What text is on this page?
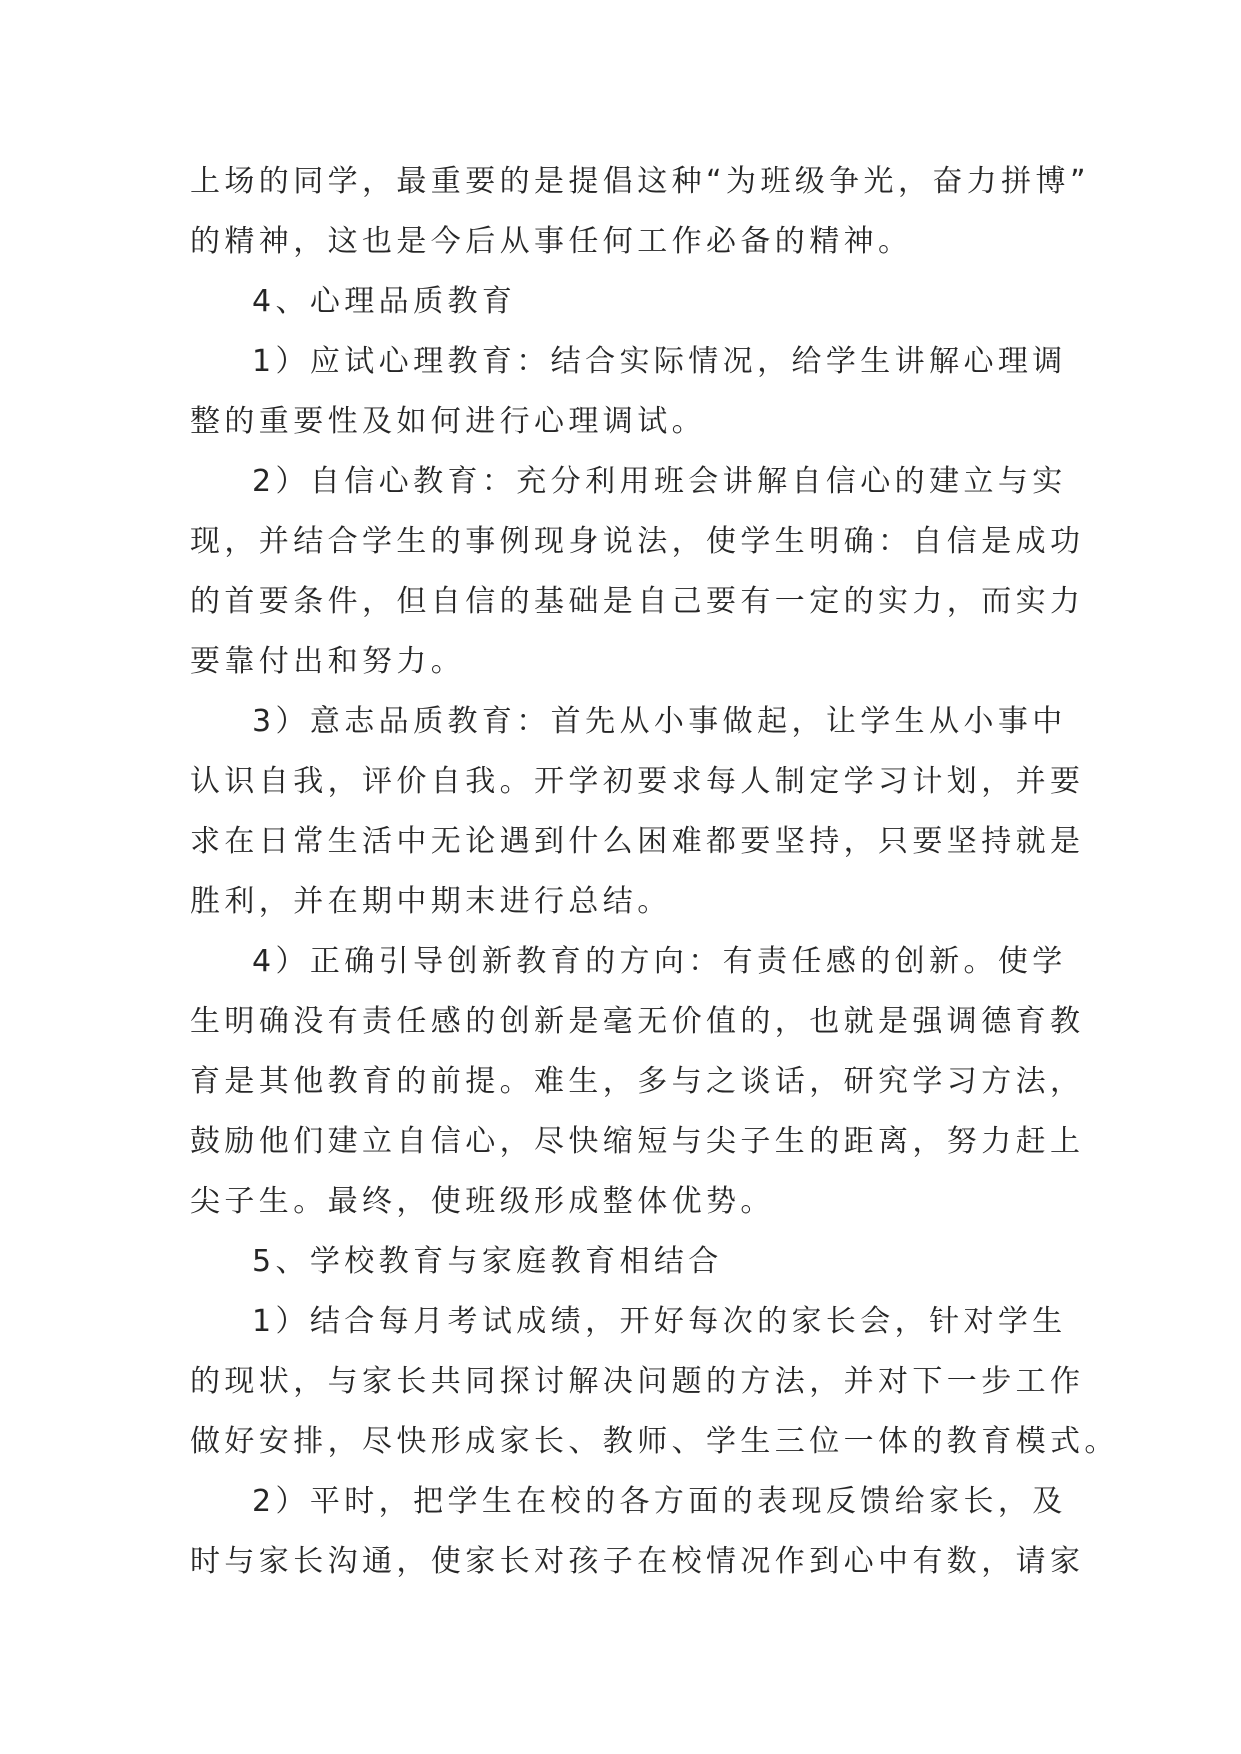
上场的同学，最重要的是提倡这种“为班级争光，奋力拼博”

的精神，这也是今后从事任何工作必备的精神。

4、心理品质教育

1）应试心理教育：结合实际情况，给学生讲解心理调

整的重要性及如何进行心理调试。

2）自信心教育：充分利用班会讲解自信心的建立与实

现，并结合学生的事例现身说法，使学生明确：自信是成功

的首要条件，但自信的基础是自己要有一定的实力，而实力

要靠付出和努力。

3）意志品质教育：首先从小事做起，让学生从小事中

认识自我，评价自我。开学初要求每人制定学习计划，并要

求在日常生活中无论遇到什么困难都要坚持，只要坚持就是

胜利，并在期中期末进行总结。

4）正确引导创新教育的方向：有责任感的创新。使学

生明确没有责任感的创新是毫无价值的，也就是强调德育教

育是其他教育的前提。难生，多与之谈话，研究学习方法，

鼓励他们建立自信心，尽快缩短与尖子生的距离，努力赶上

尖子生。最终，使班级形成整体优势。

5、学校教育与家庭教育相结合

1）结合每月考试成绩，开好每次的家长会，针对学生

的现状，与家长共同探讨解决问题的方法，并对下一步工作

做好安排，尽快形成家长、教师、学生三位一体的教育模式。

2）平时，把学生在校的各方面的表现反馈给家长，及

时与家长沟通，使家长对孩子在校情况作到心中有数，请家
